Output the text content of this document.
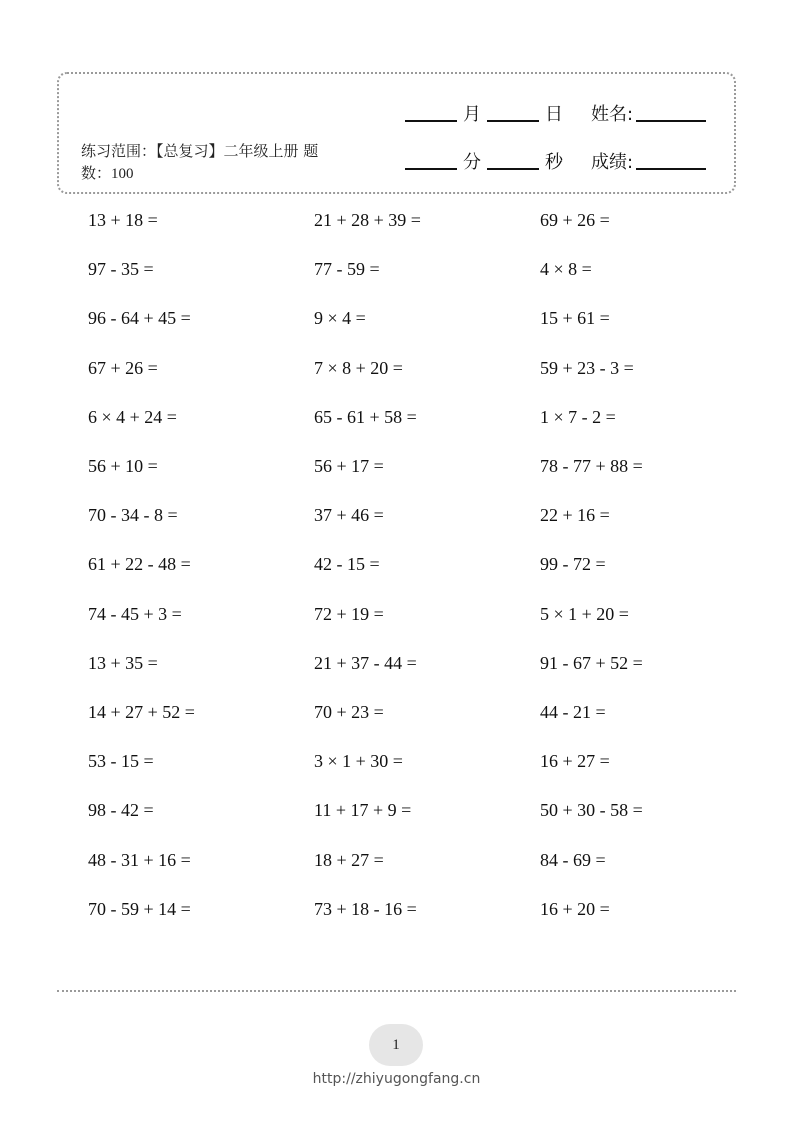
月	日 姓名:
分	秒 成绩:
练习范围：【总复习】二年级上册 题数：100
13 + 18 =	21 + 28 + 39 =	69 + 26 =
97 - 35 =	77 - 59 =	4 × 8 =
96 - 64 + 45 =	9 × 4 =	15 + 61 =
67 + 26 =	7 × 8 + 20 =	59 + 23 - 3 =
6 × 4 + 24 =	65 - 61 + 58 =	1 × 7 - 2 =
56 + 10 =	56 + 17 =	78 - 77 + 88 =
70 - 34 - 8 =	37 + 46 =	22 + 16 =
61 + 22 - 48 =	42 - 15 =	99 - 72 =
74 - 45 + 3 =	72 + 19 =	5 × 1 + 20 =
13 + 35 =	21 + 37 - 44 =	91 - 67 + 52 =
14 + 27 + 52 =	70 + 23 =	44 - 21 =
53 - 15 =	3 × 1 + 30 =	16 + 27 =
98 - 42 =	11 + 17 + 9 =	50 + 30 - 58 =
48 - 31 + 16 =	18 + 27 =	84 - 69 =
70 - 59 + 14 =	73 + 18 - 16 =	16 + 20 =
1
http://zhiyugongfang.cn
